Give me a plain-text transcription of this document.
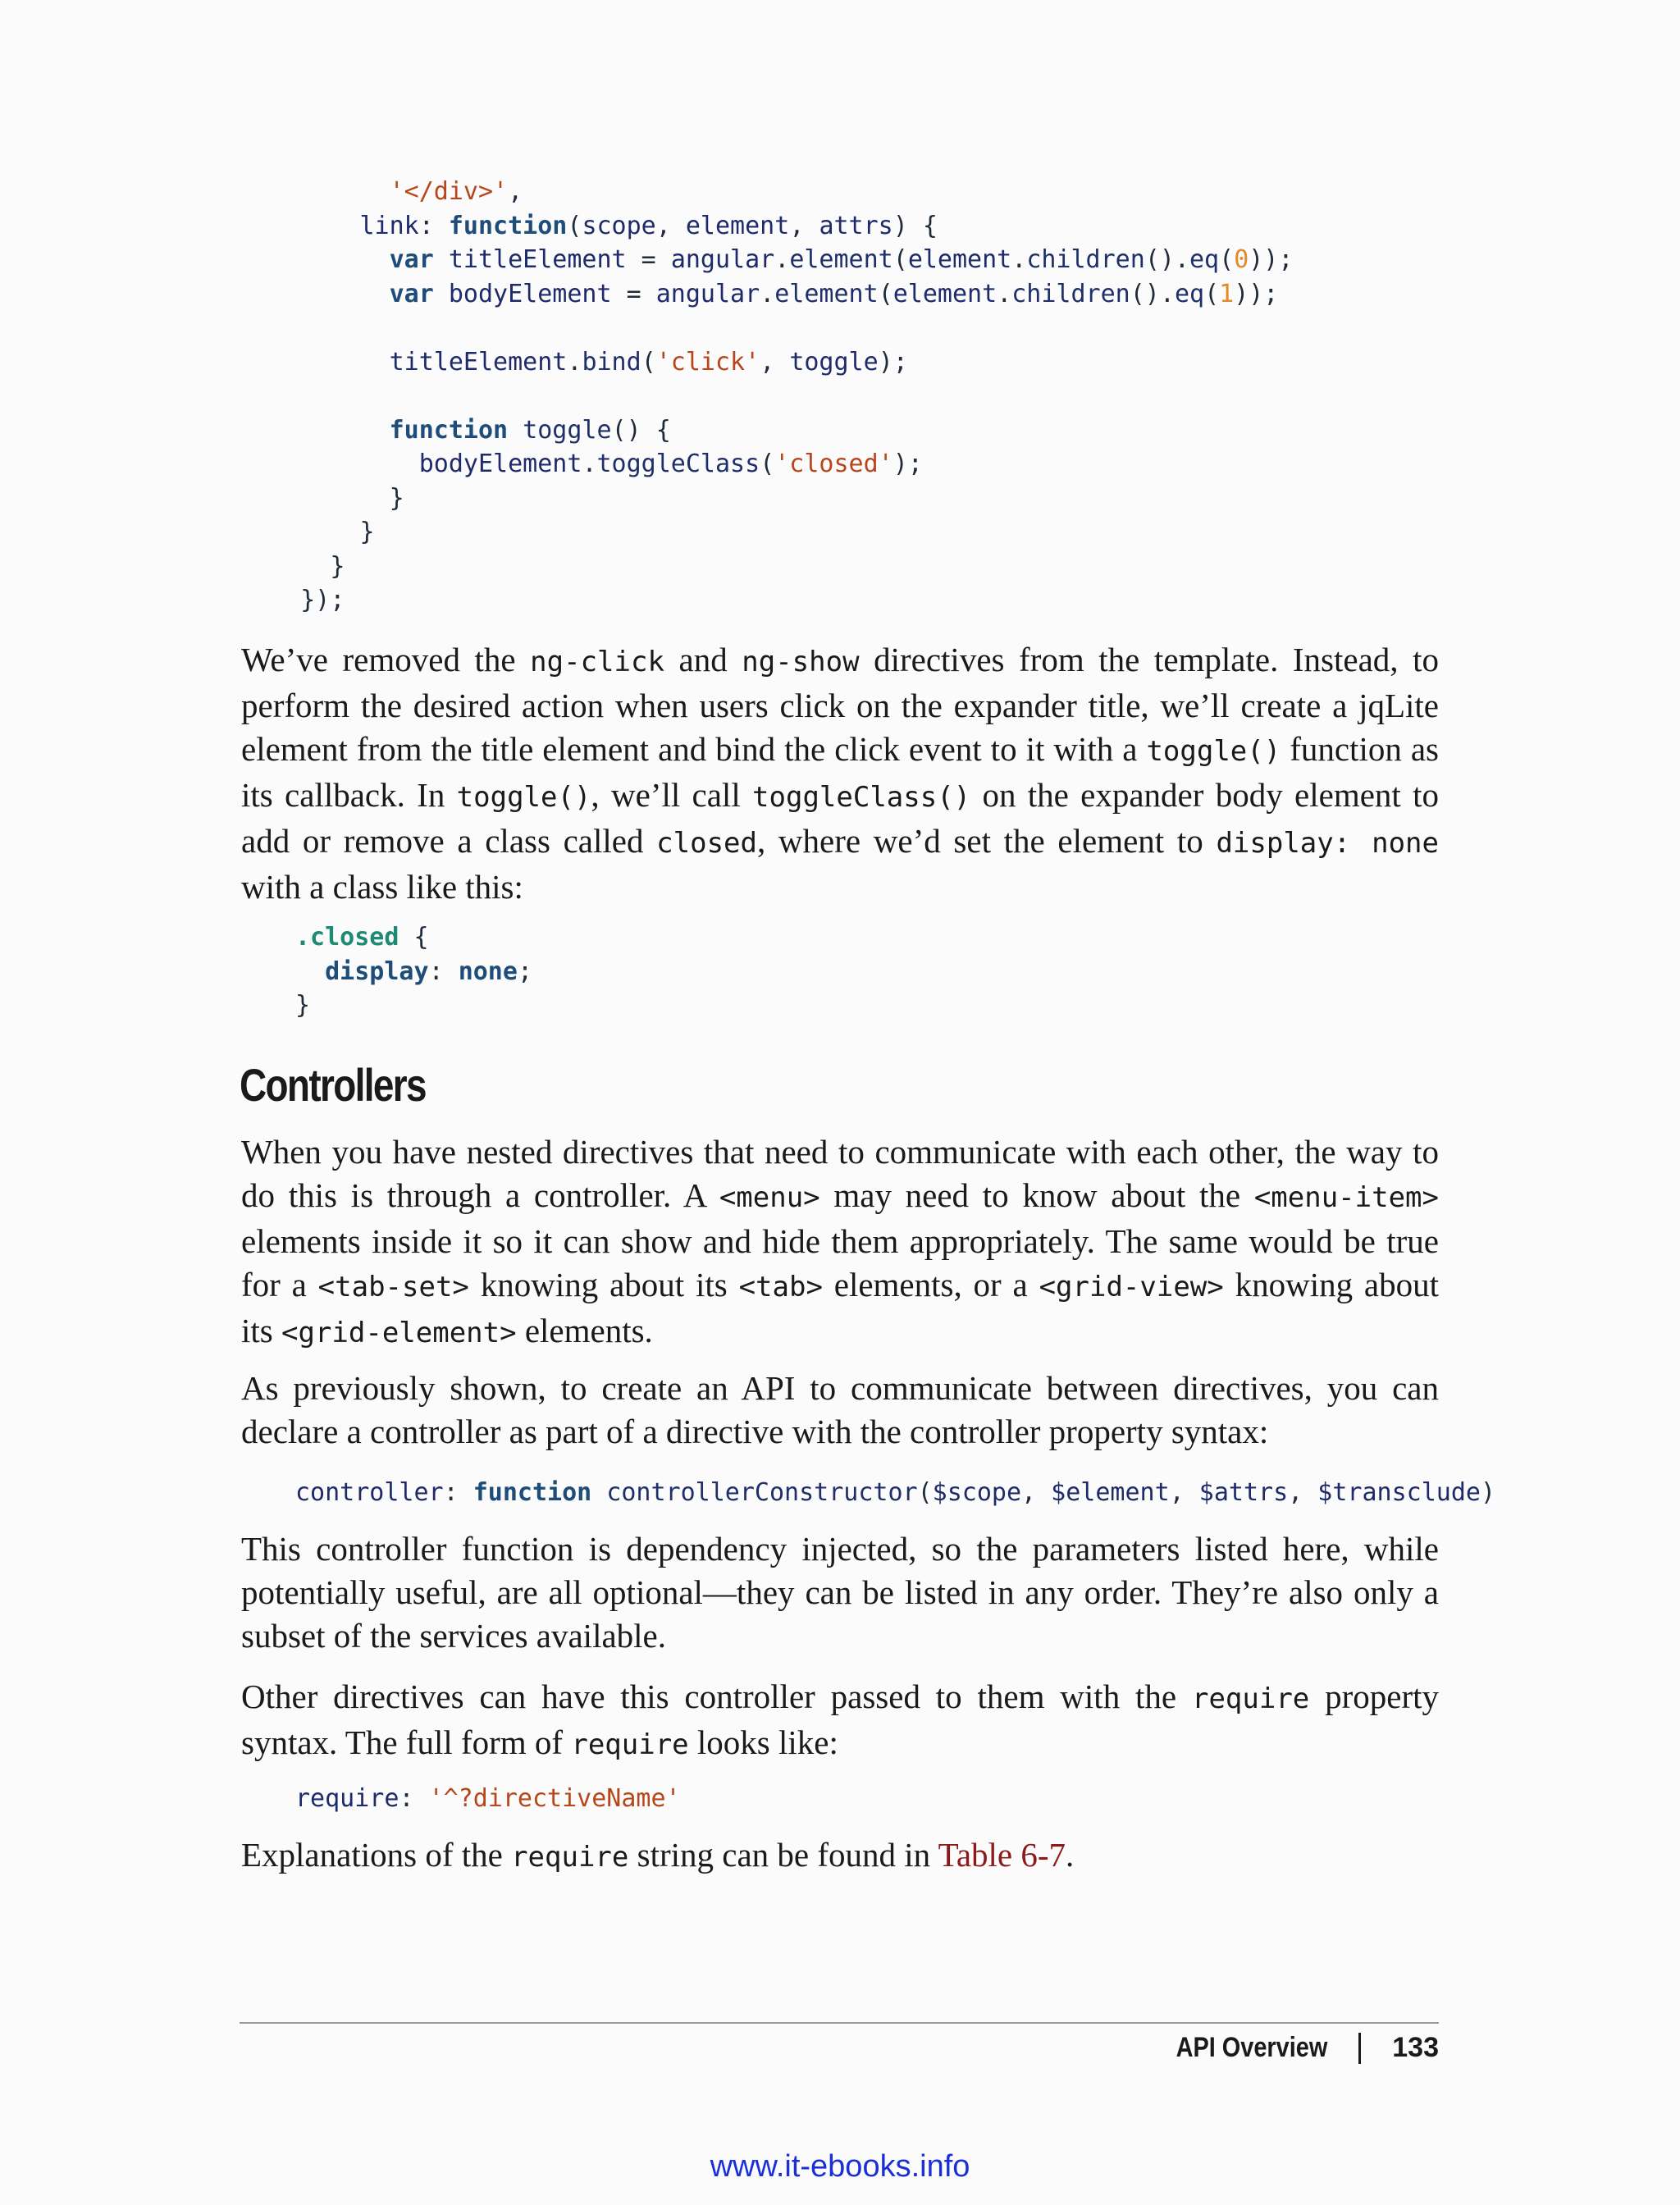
'</div>',
link: function(scope, element, attrs) {
var titleElement = angular.element(element.children().eq(0));
var bodyElement = angular.element(element.children().eq(1));

titleElement.bind('click', toggle);

function toggle() {
bodyElement.toggleClass('closed');
}
}
}
});

We’ve removed the ng-click and ng-show directives from the template. Instead, to perform the desired action when users click on the expander title, we’ll create a jqLite element from the title element and bind the click event to it with a toggle() function as its callback. In toggle(), we’ll call toggleClass() on the expander body element to add or remove a class called closed, where we’d set the element to display: none with a class like this:

.closed {
display: none;
}
Controllers

When you have nested directives that need to communicate with each other, the way to do this is through a controller. A <menu> may need to know about the <menu-item> elements inside it so it can show and hide them appropriately. The same would be true for a <tab-set> knowing about its <tab> elements, or a <grid-view> knowing about its <grid-element> elements.

As previously shown, to create an API to communicate between directives, you can declare a controller as part of a directive with the controller property syntax:

controller: function controllerConstructor($scope, $element, $attrs, $transclude)

This controller function is dependency injected, so the parameters listed here, while potentially useful, are all optional—they can be listed in any order. They’re also only a subset of the services available.

Other directives can have this controller passed to them with the require property syntax. The full form of require looks like:

require: '^?directiveName'

Explanations of the require string can be found in Table 6-7.

API Overview 133
www.it-ebooks.info
